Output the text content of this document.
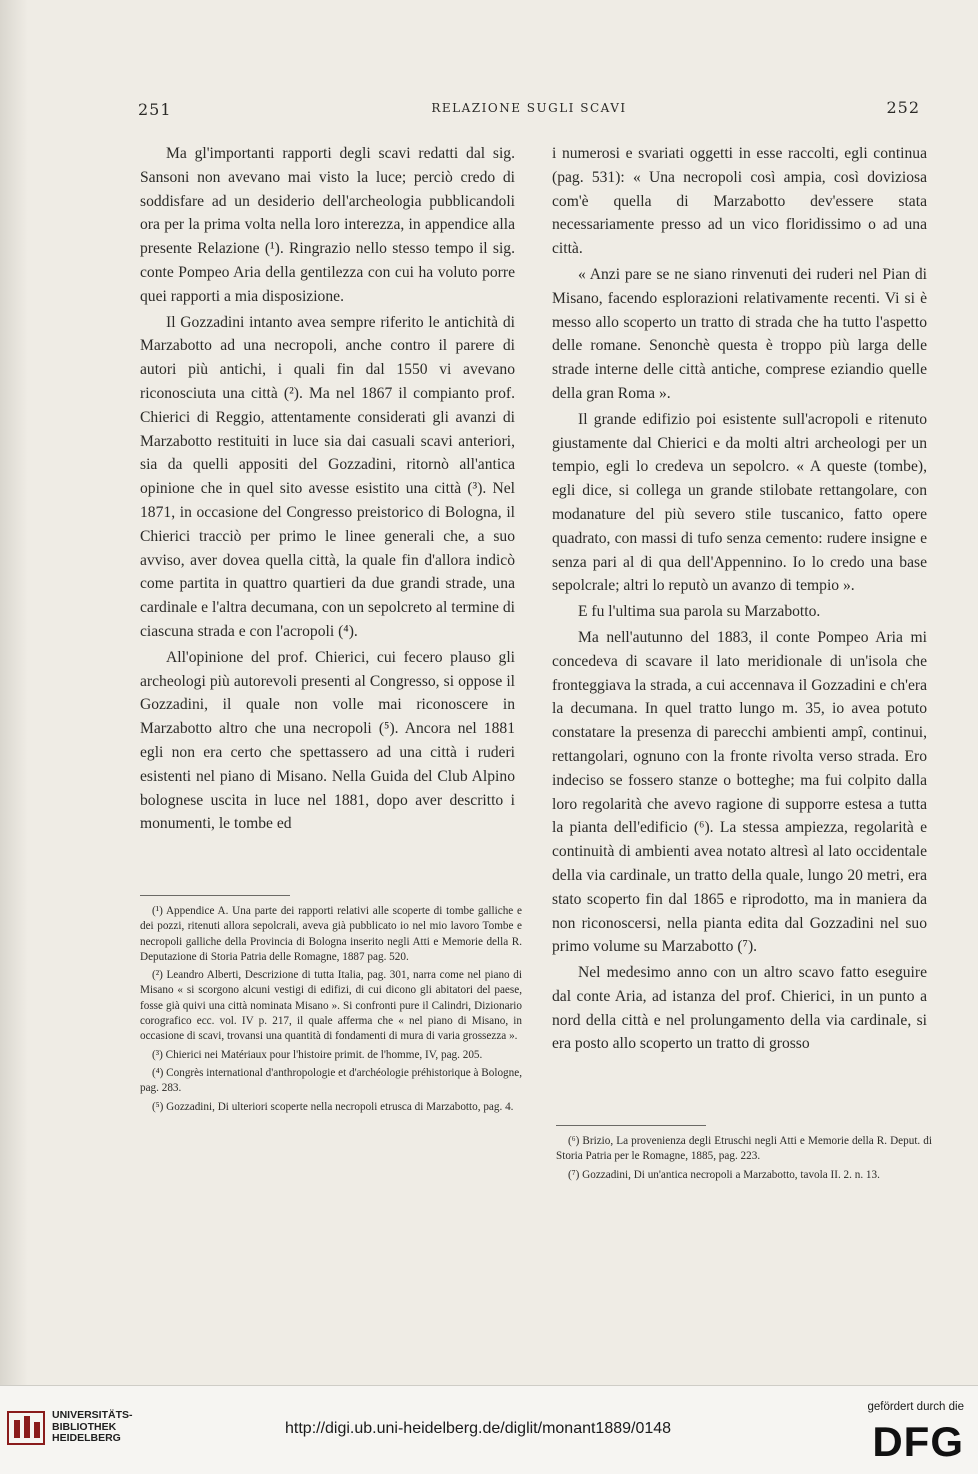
251	RELAZIONE SUGLI SCAVI	252

Ma gl'importanti rapporti degli scavi redatti dal sig. Sansoni non avevano mai visto la luce; perciò credo di soddisfare ad un desiderio dell'archeologia pubblicandoli ora per la prima volta nella loro interezza, in appendice alla presente Relazione (¹). Ringrazio nello stesso tempo il sig. conte Pompeo Aria della gentilezza con cui ha voluto porre quei rapporti a mia disposizione.

Il Gozzadini intanto avea sempre riferito le antichità di Marzabotto ad una necropoli, anche contro il parere di autori più antichi, i quali fin dal 1550 vi avevano riconosciuta una città (²). Ma nel 1867 il compianto prof. Chierici di Reggio, attentamente considerati gli avanzi di Marzabotto restituiti in luce sia dai casuali scavi anteriori, sia da quelli appositi del Gozzadini, ritornò all'antica opinione che in quel sito avesse esistito una città (³). Nel 1871, in occasione del Congresso preistorico di Bologna, il Chierici tracciò per primo le linee generali che, a suo avviso, aver dovea quella città, la quale fin d'allora indicò come partita in quattro quartieri da due grandi strade, una cardinale e l'altra decumana, con un sepolcreto al termine di ciascuna strada e con l'acropoli (⁴).

All'opinione del prof. Chierici, cui fecero plauso gli archeologi più autorevoli presenti al Congresso, si oppose il Gozzadini, il quale non volle mai riconoscere in Marzabotto altro che una necropoli (⁵). Ancora nel 1881 egli non era certo che spettassero ad una città i ruderi esistenti nel piano di Misano. Nella Guida del Club Alpino bolognese uscita in luce nel 1881, dopo aver descritto i monumenti, le tombe ed

i numerosi e svariati oggetti in esse raccolti, egli continua (pag. 531): « Una necropoli così ampia, così doviziosa com'è quella di Marzabotto dev'essere stata necessariamente presso ad un vico floridissimo o ad una città.

« Anzi pare se ne siano rinvenuti dei ruderi nel Pian di Misano, facendo esplorazioni relativamente recenti. Vi si è messo allo scoperto un tratto di strada che ha tutto l'aspetto delle romane. Senonchè questa è troppo più larga delle strade interne delle città antiche, comprese eziandio quelle della gran Roma ».

Il grande edifizio poi esistente sull'acropoli e ritenuto giustamente dal Chierici e da molti altri archeologi per un tempio, egli lo credeva un sepolcro. « A queste (tombe), egli dice, si collega un grande stilobate rettangolare, con modanature del più severo stile tuscanico, fatto opere quadrato, con massi di tufo senza cemento: rudere insigne e senza pari al di qua dell'Appennino. Io lo credo una base sepolcrale; altri lo reputò un avanzo di tempio ».

E fu l'ultima sua parola su Marzabotto.

Ma nell'autunno del 1883, il conte Pompeo Aria mi concedeva di scavare il lato meridionale di un'isola che fronteggiava la strada, a cui accennava il Gozzadini e ch'era la decumana. In quel tratto lungo m. 35, io avea potuto constatare la presenza di parecchi ambienti ampî, continui, rettangolari, ognuno con la fronte rivolta verso strada. Ero indeciso se fossero stanze o botteghe; ma fui colpito dalla loro regolarità che avevo ragione di supporre estesa a tutta la pianta dell'edificio (⁶). La stessa ampiezza, regolarità e continuità di ambienti avea notato altresì al lato occidentale della via cardinale, un tratto della quale, lungo 20 metri, era stato scoperto fin dal 1865 e riprodotto, ma in maniera da non riconoscersi, nella pianta edita dal Gozzadini nel suo primo volume su Marzabotto (⁷).

Nel medesimo anno con un altro scavo fatto eseguire dal conte Aria, ad istanza del prof. Chierici, in un punto a nord della città e nel prolungamento della via cardinale, si era posto allo scoperto un tratto di grosso

(¹) Appendice A. Una parte dei rapporti relativi alle scoperte di tombe galliche e dei pozzi, ritenuti allora sepolcrali, aveva già pubblicato io nel mio lavoro Tombe e necropoli galliche della Provincia di Bologna inserito negli Atti e Memorie della R. Deputazione di Storia Patria delle Romagne, 1887 pag. 520.

(²) Leandro Alberti, Descrizione di tutta Italia, pag. 301, narra come nel piano di Misano « si scorgono alcuni vestigi di edifizi, di cui dicono gli abitatori del paese, fosse già quivi una città nominata Misano ». Si confronti pure il Calindri, Dizionario corografico ecc. vol. IV p. 217, il quale afferma che « nel piano di Misano, in occasione di scavi, trovansi una quantità di fondamenti di mura di varia grossezza ».

(³) Chierici nei Matériaux pour l'histoire primit. de l'homme, IV, pag. 205.

(⁴) Congrès international d'anthropologie et d'archéologie préhistorique à Bologne, pag. 283.

(⁵) Gozzadini, Di ulteriori scoperte nella necropoli etrusca di Marzabotto, pag. 4.

(⁶) Brizio, La provenienza degli Etruschi negli Atti e Memorie della R. Deput. di Storia Patria per le Romagne, 1885, pag. 223.

(⁷) Gozzadini, Di un'antica necropoli a Marzabotto, tavola II. 2. n. 13.

UNIVERSITÄTS-
BIBLIOTHEK
HEIDELBERG
http://digi.ub.uni-heidelberg.de/diglit/monant1889/0148
gefördert durch die
DFG
